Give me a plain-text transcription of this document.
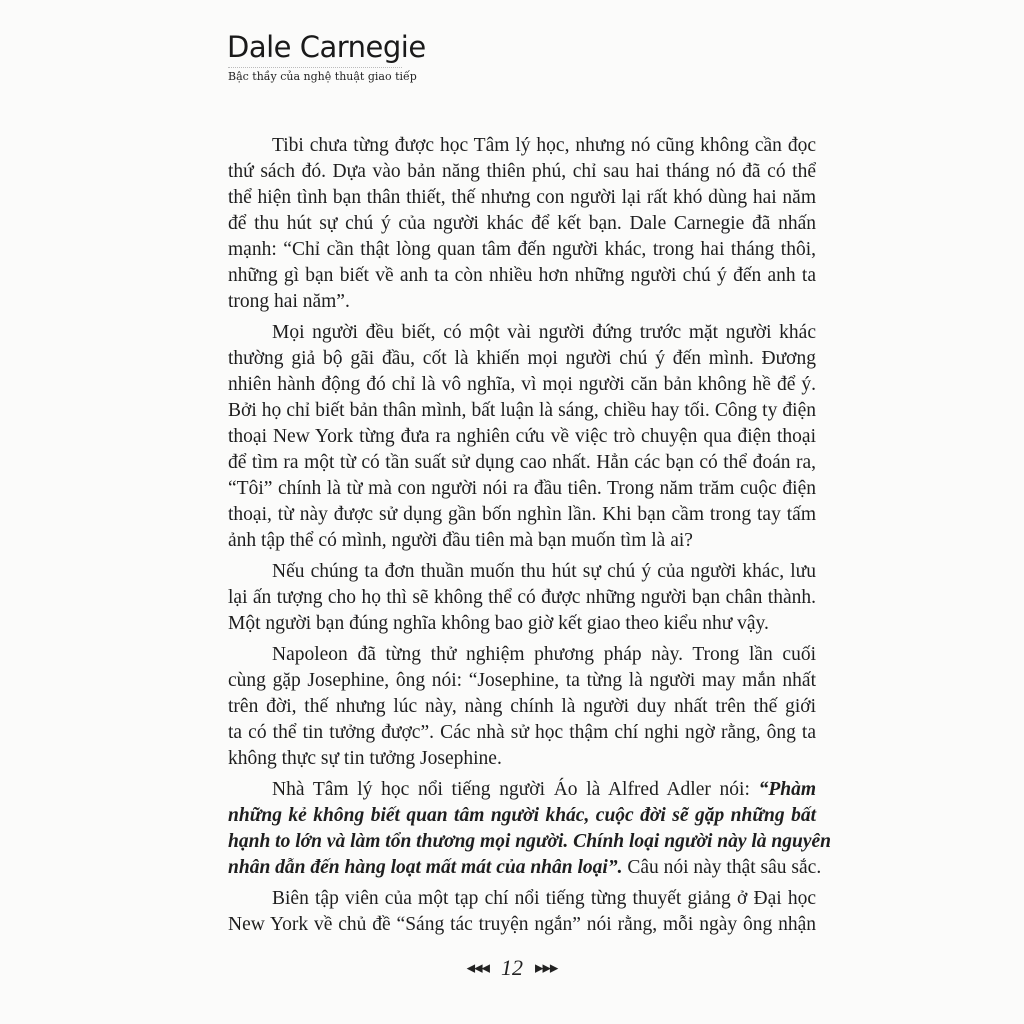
Dale Carnegie
Bậc thầy của nghệ thuật giao tiếp
Tibi chưa từng được học Tâm lý học, nhưng nó cũng không cần đọc
thứ sách đó. Dựa vào bản năng thiên phú, chỉ sau hai tháng nó đã có thể
thể hiện tình bạn thân thiết, thế nhưng con người lại rất khó dùng hai năm
để thu hút sự chú ý của người khác để kết bạn. Dale Carnegie đã nhấn
mạnh: “Chỉ cần thật lòng quan tâm đến người khác, trong hai tháng thôi,
những gì bạn biết về anh ta còn nhiều hơn những người chú ý đến anh ta
trong hai năm”.
Mọi người đều biết, có một vài người đứng trước mặt người khác
thường giả bộ gãi đầu, cốt là khiến mọi người chú ý đến mình. Đương
nhiên hành động đó chỉ là vô nghĩa, vì mọi người căn bản không hề để ý.
Bởi họ chỉ biết bản thân mình, bất luận là sáng, chiều hay tối. Công ty điện
thoại New York từng đưa ra nghiên cứu về việc trò chuyện qua điện thoại
để tìm ra một từ có tần suất sử dụng cao nhất. Hẳn các bạn có thể đoán ra,
“Tôi” chính là từ mà con người nói ra đầu tiên. Trong năm trăm cuộc điện
thoại, từ này được sử dụng gần bốn nghìn lần. Khi bạn cầm trong tay tấm
ảnh tập thể có mình, người đầu tiên mà bạn muốn tìm là ai?
Nếu chúng ta đơn thuần muốn thu hút sự chú ý của người khác, lưu
lại ấn tượng cho họ thì sẽ không thể có được những người bạn chân thành.
Một người bạn đúng nghĩa không bao giờ kết giao theo kiểu như vậy.
Napoleon đã từng thử nghiệm phương pháp này. Trong lần cuối
cùng gặp Josephine, ông nói: “Josephine, ta từng là người may mắn nhất
trên đời, thế nhưng lúc này, nàng chính là người duy nhất trên thế giới
ta có thể tin tưởng được”. Các nhà sử học thậm chí nghi ngờ rằng, ông ta
không thực sự tin tưởng Josephine.
Nhà Tâm lý học nổi tiếng người Áo là Alfred Adler nói: “Phàm
những kẻ không biết quan tâm người khác, cuộc đời sẽ gặp những bất
hạnh to lớn và làm tổn thương mọi người. Chính loại người này là nguyên
nhân dẫn đến hàng loạt mất mát của nhân loại”. Câu nói này thật sâu sắc.
Biên tập viên của một tạp chí nổi tiếng từng thuyết giảng ở Đại học
New York về chủ đề “Sáng tác truyện ngắn” nói rằng, mỗi ngày ông nhận
◀◀◀ 12 ▶▶▶
